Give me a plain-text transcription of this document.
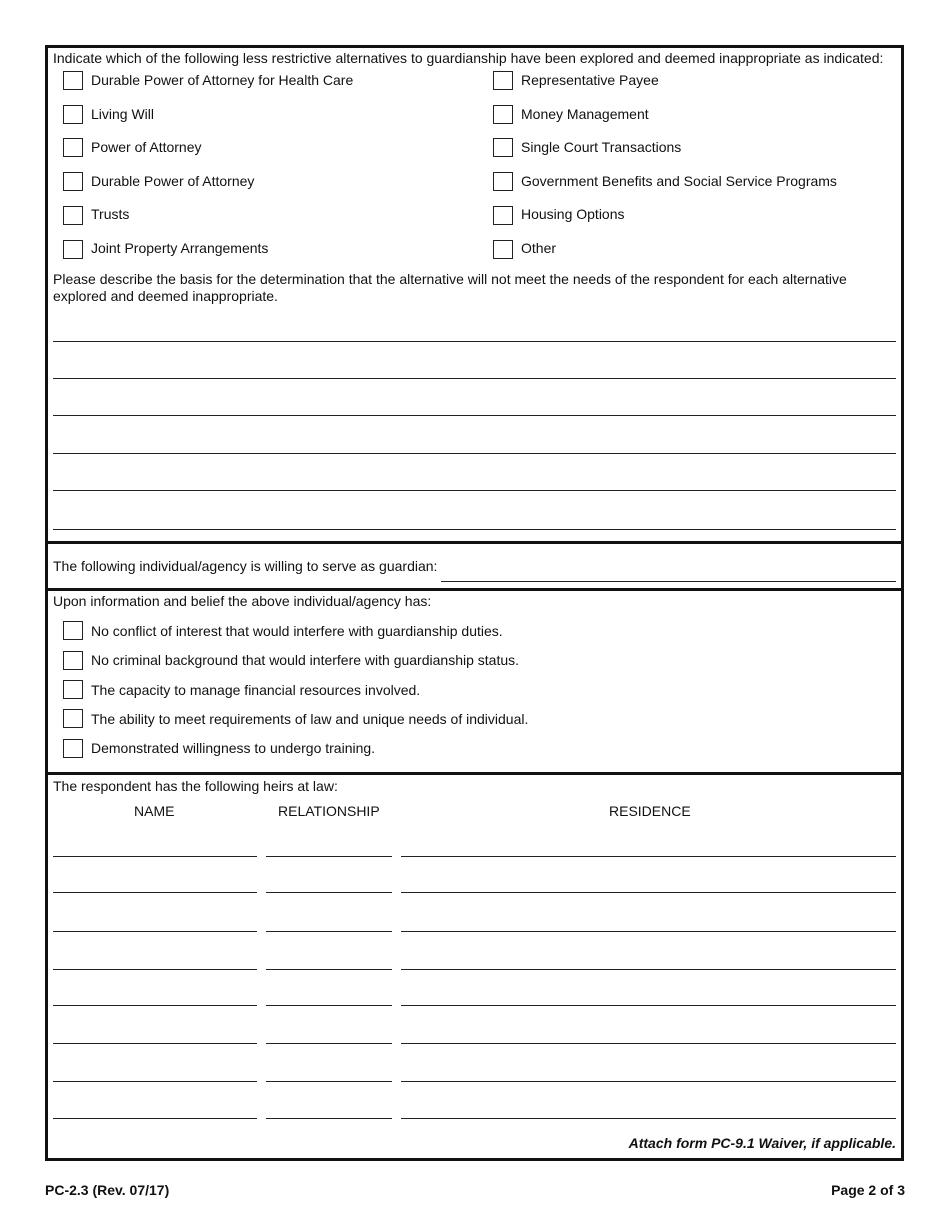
Indicate which of the following less restrictive alternatives to guardianship have been explored and deemed inappropriate as indicated:
Durable Power of Attorney for Health Care
Living Will
Power of Attorney
Durable Power of Attorney
Trusts
Joint Property Arrangements
Representative Payee
Money Management
Single Court Transactions
Government Benefits and Social Service Programs
Housing Options
Other
Please describe the basis for the determination that the alternative will not meet the needs of the respondent for each alternative explored and deemed inappropriate.
The following individual/agency is willing to serve as guardian:
Upon information and belief the above individual/agency has:
No conflict of interest that would interfere with guardianship duties.
No criminal background that would interfere with guardianship status.
The capacity to manage financial resources involved.
The ability to meet requirements of law and unique needs of individual.
Demonstrated willingness to undergo training.
The respondent has the following heirs at law:
NAME	RELATIONSHIP	RESIDENCE
Attach form PC-9.1 Waiver, if applicable.
PC-2.3 (Rev. 07/17)	Page 2 of 3
